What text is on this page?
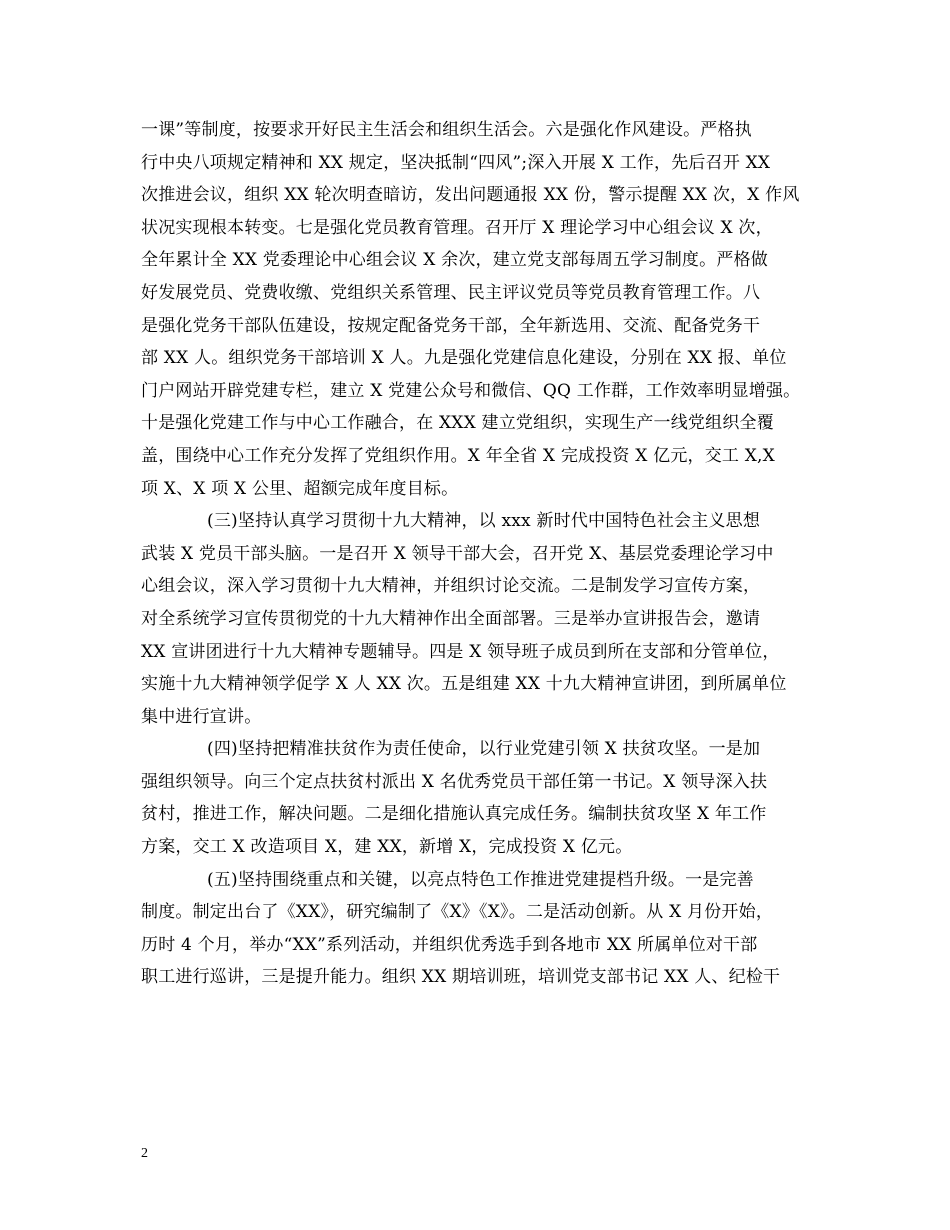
一课”等制度，按要求开好民主生活会和组织生活会。六是强化作风建设。严格执
行中央八项规定精神和 XX 规定，坚决抵制“四风”;深入开展 X 工作，先后召开 XX
次推进会议，组织 XX 轮次明查暗访，发出问题通报 XX 份，警示提醒 XX 次，X 作风
状况实现根本转变。七是强化党员教育管理。召开厅 X 理论学习中心组会议 X 次，
全年累计全 XX 党委理论中心组会议 X 余次，建立党支部每周五学习制度。严格做
好发展党员、党费收缴、党组织关系管理、民主评议党员等党员教育管理工作。八
是强化党务干部队伍建设，按规定配备党务干部，全年新选用、交流、配备党务干
部 XX 人。组织党务干部培训 X 人。九是强化党建信息化建设，分别在 XX 报、单位
门户网站开辟党建专栏，建立 X 党建公众号和微信、QQ 工作群，工作效率明显增强。
十是强化党建工作与中心工作融合，在 XXX 建立党组织，实现生产一线党组织全覆
盖，围绕中心工作充分发挥了党组织作用。X 年全省 X 完成投资 X 亿元，交工 X,X
项 X、X 项 X 公里、超额完成年度目标。
(三)坚持认真学习贯彻十九大精神，以 xxx 新时代中国特色社会主义思想
武装 X 党员干部头脑。一是召开 X 领导干部大会，召开党 X、基层党委理论学习中
心组会议，深入学习贯彻十九大精神，并组织讨论交流。二是制发学习宣传方案，
对全系统学习宣传贯彻党的十九大精神作出全面部署。三是举办宣讲报告会，邀请
XX 宣讲团进行十九大精神专题辅导。四是 X 领导班子成员到所在支部和分管单位，
实施十九大精神领学促学 X 人 XX 次。五是组建 XX 十九大精神宣讲团，到所属单位
集中进行宣讲。
(四)坚持把精准扶贫作为责任使命，以行业党建引领 X 扶贫攻坚。一是加
强组织领导。向三个定点扶贫村派出 X 名优秀党员干部任第一书记。X 领导深入扶
贫村，推进工作，解决问题。二是细化措施认真完成任务。编制扶贫攻坚 X 年工作
方案，交工 X 改造项目 X，建 XX，新增 X，完成投资 X 亿元。
(五)坚持围绕重点和关键，以亮点特色工作推进党建提档升级。一是完善
制度。制定出台了《XX》，研究编制了《X》《X》。二是活动创新。从 X 月份开始，
历时 4 个月，举办“XX”系列活动，并组织优秀选手到各地市 XX 所属单位对干部
职工进行巡讲，三是提升能力。组织 XX 期培训班，培训党支部书记 XX 人、纪检干
2
